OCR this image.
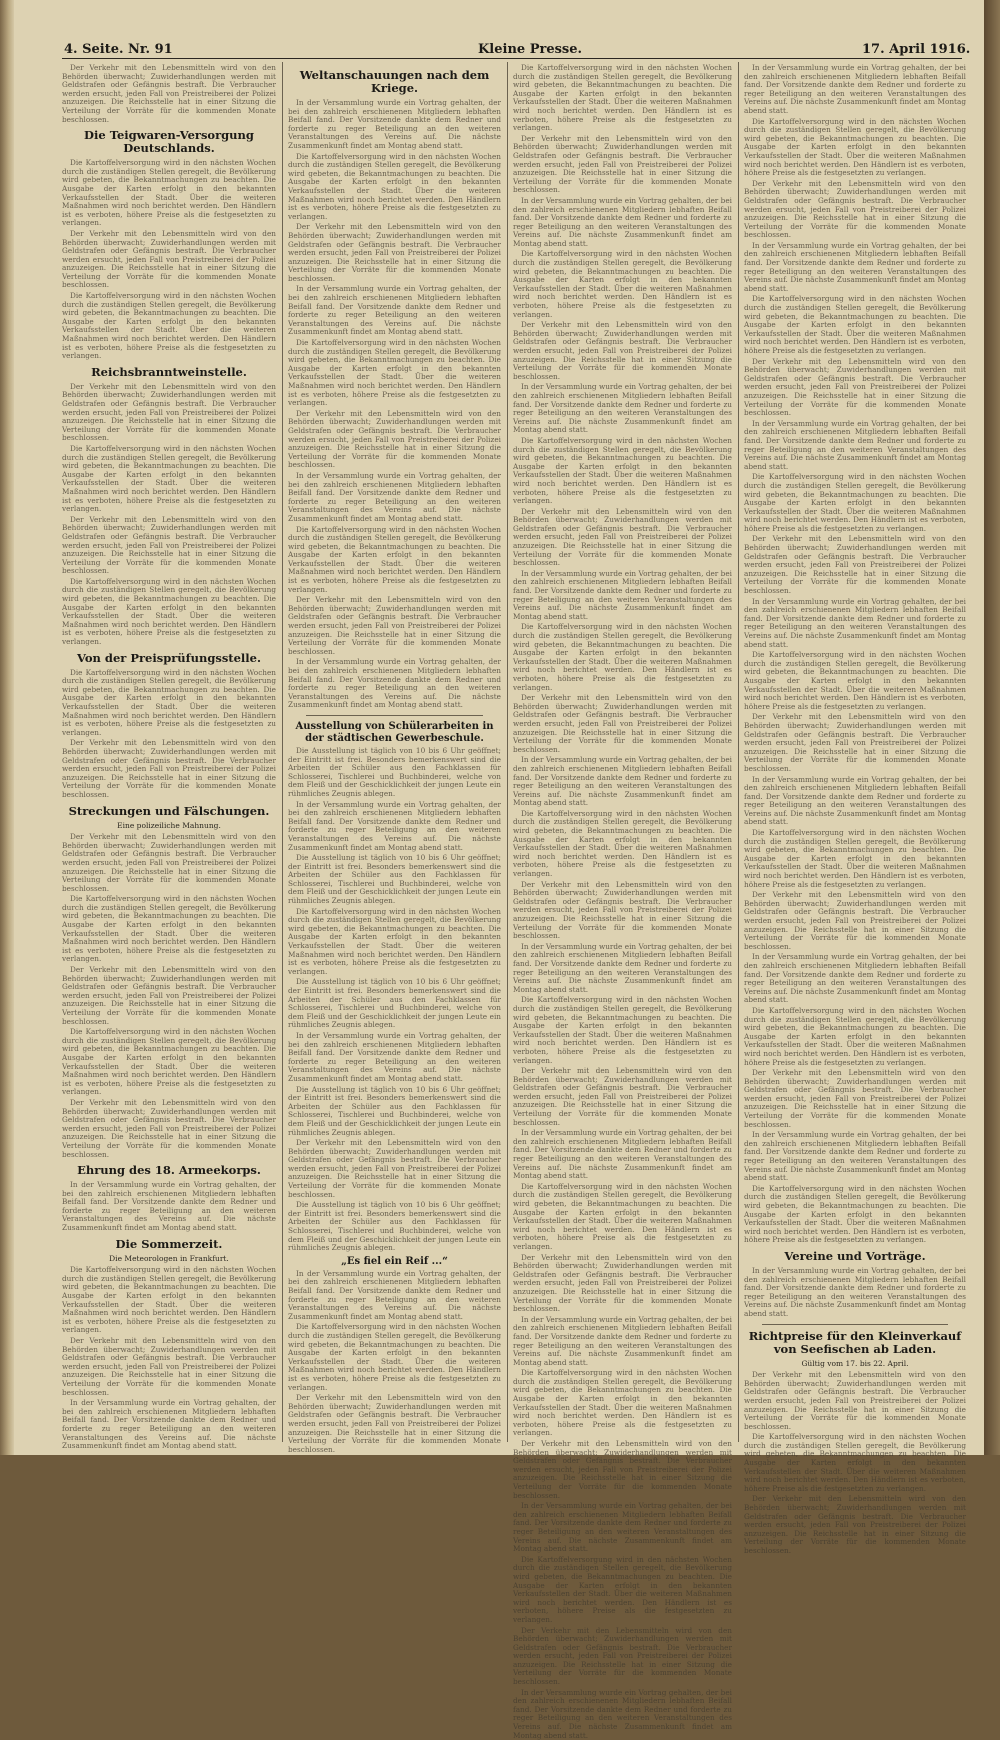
4. Seite. Nr. 91	Kleine Presse.	17. April 1916.

Der Verkehr mit den Lebensmitteln wird von den Behörden überwacht; Zuwiderhandlungen werden mit Geldstrafen oder Gefängnis bestraft. Die Verbraucher werden ersucht, jeden Fall von Preistreiberei der Polizei anzuzeigen. Die Reichsstelle hat in einer Sitzung die Verteilung der Vorräte für die kommenden Monate beschlossen.

Die Teigwaren-Versorgung Deutschlands.

Die Kartoffelversorgung wird in den nächsten Wochen durch die zuständigen Stellen geregelt, die Bevölkerung wird gebeten, die Bekanntmachungen zu beachten. Die Ausgabe der Karten erfolgt in den bekannten Verkaufsstellen der Stadt. Über die weiteren Maßnahmen wird noch berichtet werden. Den Händlern ist es verboten, höhere Preise als die festgesetzten zu verlangen.

Der Verkehr mit den Lebensmitteln wird von den Behörden überwacht; Zuwiderhandlungen werden mit Geldstrafen oder Gefängnis bestraft. Die Verbraucher werden ersucht, jeden Fall von Preistreiberei der Polizei anzuzeigen. Die Reichsstelle hat in einer Sitzung die Verteilung der Vorräte für die kommenden Monate beschlossen.

Die Kartoffelversorgung wird in den nächsten Wochen durch die zuständigen Stellen geregelt, die Bevölkerung wird gebeten, die Bekanntmachungen zu beachten. Die Ausgabe der Karten erfolgt in den bekannten Verkaufsstellen der Stadt. Über die weiteren Maßnahmen wird noch berichtet werden. Den Händlern ist es verboten, höhere Preise als die festgesetzten zu verlangen.

Reichsbranntweinstelle.

Der Verkehr mit den Lebensmitteln wird von den Behörden überwacht; Zuwiderhandlungen werden mit Geldstrafen oder Gefängnis bestraft. Die Verbraucher werden ersucht, jeden Fall von Preistreiberei der Polizei anzuzeigen. Die Reichsstelle hat in einer Sitzung die Verteilung der Vorräte für die kommenden Monate beschlossen.

Die Kartoffelversorgung wird in den nächsten Wochen durch die zuständigen Stellen geregelt, die Bevölkerung wird gebeten, die Bekanntmachungen zu beachten. Die Ausgabe der Karten erfolgt in den bekannten Verkaufsstellen der Stadt. Über die weiteren Maßnahmen wird noch berichtet werden. Den Händlern ist es verboten, höhere Preise als die festgesetzten zu verlangen.

Der Verkehr mit den Lebensmitteln wird von den Behörden überwacht; Zuwiderhandlungen werden mit Geldstrafen oder Gefängnis bestraft. Die Verbraucher werden ersucht, jeden Fall von Preistreiberei der Polizei anzuzeigen. Die Reichsstelle hat in einer Sitzung die Verteilung der Vorräte für die kommenden Monate beschlossen.

Die Kartoffelversorgung wird in den nächsten Wochen durch die zuständigen Stellen geregelt, die Bevölkerung wird gebeten, die Bekanntmachungen zu beachten. Die Ausgabe der Karten erfolgt in den bekannten Verkaufsstellen der Stadt. Über die weiteren Maßnahmen wird noch berichtet werden. Den Händlern ist es verboten, höhere Preise als die festgesetzten zu verlangen.

Von der Preisprüfungsstelle.

Die Kartoffelversorgung wird in den nächsten Wochen durch die zuständigen Stellen geregelt, die Bevölkerung wird gebeten, die Bekanntmachungen zu beachten. Die Ausgabe der Karten erfolgt in den bekannten Verkaufsstellen der Stadt. Über die weiteren Maßnahmen wird noch berichtet werden. Den Händlern ist es verboten, höhere Preise als die festgesetzten zu verlangen.

Der Verkehr mit den Lebensmitteln wird von den Behörden überwacht; Zuwiderhandlungen werden mit Geldstrafen oder Gefängnis bestraft. Die Verbraucher werden ersucht, jeden Fall von Preistreiberei der Polizei anzuzeigen. Die Reichsstelle hat in einer Sitzung die Verteilung der Vorräte für die kommenden Monate beschlossen.

Streckungen und Fälschungen.
Eine polizeiliche Mahnung.

Der Verkehr mit den Lebensmitteln wird von den Behörden überwacht; Zuwiderhandlungen werden mit Geldstrafen oder Gefängnis bestraft. Die Verbraucher werden ersucht, jeden Fall von Preistreiberei der Polizei anzuzeigen. Die Reichsstelle hat in einer Sitzung die Verteilung der Vorräte für die kommenden Monate beschlossen.

Die Kartoffelversorgung wird in den nächsten Wochen durch die zuständigen Stellen geregelt, die Bevölkerung wird gebeten, die Bekanntmachungen zu beachten. Die Ausgabe der Karten erfolgt in den bekannten Verkaufsstellen der Stadt. Über die weiteren Maßnahmen wird noch berichtet werden. Den Händlern ist es verboten, höhere Preise als die festgesetzten zu verlangen.

Der Verkehr mit den Lebensmitteln wird von den Behörden überwacht; Zuwiderhandlungen werden mit Geldstrafen oder Gefängnis bestraft. Die Verbraucher werden ersucht, jeden Fall von Preistreiberei der Polizei anzuzeigen. Die Reichsstelle hat in einer Sitzung die Verteilung der Vorräte für die kommenden Monate beschlossen.

Die Kartoffelversorgung wird in den nächsten Wochen durch die zuständigen Stellen geregelt, die Bevölkerung wird gebeten, die Bekanntmachungen zu beachten. Die Ausgabe der Karten erfolgt in den bekannten Verkaufsstellen der Stadt. Über die weiteren Maßnahmen wird noch berichtet werden. Den Händlern ist es verboten, höhere Preise als die festgesetzten zu verlangen.

Der Verkehr mit den Lebensmitteln wird von den Behörden überwacht; Zuwiderhandlungen werden mit Geldstrafen oder Gefängnis bestraft. Die Verbraucher werden ersucht, jeden Fall von Preistreiberei der Polizei anzuzeigen. Die Reichsstelle hat in einer Sitzung die Verteilung der Vorräte für die kommenden Monate beschlossen.

Ehrung des 18. Armeekorps.

In der Versammlung wurde ein Vortrag gehalten, der bei den zahlreich erschienenen Mitgliedern lebhaften Beifall fand. Der Vorsitzende dankte dem Redner und forderte zu reger Beteiligung an den weiteren Veranstaltungen des Vereins auf. Die nächste Zusammenkunft findet am Montag abend statt.

Die Sommerzeit.
Die Meteorologen in Frankfurt.

Die Kartoffelversorgung wird in den nächsten Wochen durch die zuständigen Stellen geregelt, die Bevölkerung wird gebeten, die Bekanntmachungen zu beachten. Die Ausgabe der Karten erfolgt in den bekannten Verkaufsstellen der Stadt. Über die weiteren Maßnahmen wird noch berichtet werden. Den Händlern ist es verboten, höhere Preise als die festgesetzten zu verlangen.

Der Verkehr mit den Lebensmitteln wird von den Behörden überwacht; Zuwiderhandlungen werden mit Geldstrafen oder Gefängnis bestraft. Die Verbraucher werden ersucht, jeden Fall von Preistreiberei der Polizei anzuzeigen. Die Reichsstelle hat in einer Sitzung die Verteilung der Vorräte für die kommenden Monate beschlossen.

In der Versammlung wurde ein Vortrag gehalten, der bei den zahlreich erschienenen Mitgliedern lebhaften Beifall fand. Der Vorsitzende dankte dem Redner und forderte zu reger Beteiligung an den weiteren Veranstaltungen des Vereins auf. Die nächste Zusammenkunft findet am Montag abend statt.

Weltanschauungen nach dem Kriege.

In der Versammlung wurde ein Vortrag gehalten, der bei den zahlreich erschienenen Mitgliedern lebhaften Beifall fand. Der Vorsitzende dankte dem Redner und forderte zu reger Beteiligung an den weiteren Veranstaltungen des Vereins auf. Die nächste Zusammenkunft findet am Montag abend statt.

Die Kartoffelversorgung wird in den nächsten Wochen durch die zuständigen Stellen geregelt, die Bevölkerung wird gebeten, die Bekanntmachungen zu beachten. Die Ausgabe der Karten erfolgt in den bekannten Verkaufsstellen der Stadt. Über die weiteren Maßnahmen wird noch berichtet werden. Den Händlern ist es verboten, höhere Preise als die festgesetzten zu verlangen.

Der Verkehr mit den Lebensmitteln wird von den Behörden überwacht; Zuwiderhandlungen werden mit Geldstrafen oder Gefängnis bestraft. Die Verbraucher werden ersucht, jeden Fall von Preistreiberei der Polizei anzuzeigen. Die Reichsstelle hat in einer Sitzung die Verteilung der Vorräte für die kommenden Monate beschlossen.

In der Versammlung wurde ein Vortrag gehalten, der bei den zahlreich erschienenen Mitgliedern lebhaften Beifall fand. Der Vorsitzende dankte dem Redner und forderte zu reger Beteiligung an den weiteren Veranstaltungen des Vereins auf. Die nächste Zusammenkunft findet am Montag abend statt.

Die Kartoffelversorgung wird in den nächsten Wochen durch die zuständigen Stellen geregelt, die Bevölkerung wird gebeten, die Bekanntmachungen zu beachten. Die Ausgabe der Karten erfolgt in den bekannten Verkaufsstellen der Stadt. Über die weiteren Maßnahmen wird noch berichtet werden. Den Händlern ist es verboten, höhere Preise als die festgesetzten zu verlangen.

Der Verkehr mit den Lebensmitteln wird von den Behörden überwacht; Zuwiderhandlungen werden mit Geldstrafen oder Gefängnis bestraft. Die Verbraucher werden ersucht, jeden Fall von Preistreiberei der Polizei anzuzeigen. Die Reichsstelle hat in einer Sitzung die Verteilung der Vorräte für die kommenden Monate beschlossen.

In der Versammlung wurde ein Vortrag gehalten, der bei den zahlreich erschienenen Mitgliedern lebhaften Beifall fand. Der Vorsitzende dankte dem Redner und forderte zu reger Beteiligung an den weiteren Veranstaltungen des Vereins auf. Die nächste Zusammenkunft findet am Montag abend statt.

Die Kartoffelversorgung wird in den nächsten Wochen durch die zuständigen Stellen geregelt, die Bevölkerung wird gebeten, die Bekanntmachungen zu beachten. Die Ausgabe der Karten erfolgt in den bekannten Verkaufsstellen der Stadt. Über die weiteren Maßnahmen wird noch berichtet werden. Den Händlern ist es verboten, höhere Preise als die festgesetzten zu verlangen.

Der Verkehr mit den Lebensmitteln wird von den Behörden überwacht; Zuwiderhandlungen werden mit Geldstrafen oder Gefängnis bestraft. Die Verbraucher werden ersucht, jeden Fall von Preistreiberei der Polizei anzuzeigen. Die Reichsstelle hat in einer Sitzung die Verteilung der Vorräte für die kommenden Monate beschlossen.

In der Versammlung wurde ein Vortrag gehalten, der bei den zahlreich erschienenen Mitgliedern lebhaften Beifall fand. Der Vorsitzende dankte dem Redner und forderte zu reger Beteiligung an den weiteren Veranstaltungen des Vereins auf. Die nächste Zusammenkunft findet am Montag abend statt.

Ausstellung von Schülerarbeiten in der städtischen Gewerbeschule.

Die Ausstellung ist täglich von 10 bis 6 Uhr geöffnet; der Eintritt ist frei. Besonders bemerkenswert sind die Arbeiten der Schüler aus den Fachklassen für Schlosserei, Tischlerei und Buchbinderei, welche von dem Fleiß und der Geschicklichkeit der jungen Leute ein rühmliches Zeugnis ablegen.

In der Versammlung wurde ein Vortrag gehalten, der bei den zahlreich erschienenen Mitgliedern lebhaften Beifall fand. Der Vorsitzende dankte dem Redner und forderte zu reger Beteiligung an den weiteren Veranstaltungen des Vereins auf. Die nächste Zusammenkunft findet am Montag abend statt.

Die Ausstellung ist täglich von 10 bis 6 Uhr geöffnet; der Eintritt ist frei. Besonders bemerkenswert sind die Arbeiten der Schüler aus den Fachklassen für Schlosserei, Tischlerei und Buchbinderei, welche von dem Fleiß und der Geschicklichkeit der jungen Leute ein rühmliches Zeugnis ablegen.

Die Kartoffelversorgung wird in den nächsten Wochen durch die zuständigen Stellen geregelt, die Bevölkerung wird gebeten, die Bekanntmachungen zu beachten. Die Ausgabe der Karten erfolgt in den bekannten Verkaufsstellen der Stadt. Über die weiteren Maßnahmen wird noch berichtet werden. Den Händlern ist es verboten, höhere Preise als die festgesetzten zu verlangen.

Die Ausstellung ist täglich von 10 bis 6 Uhr geöffnet; der Eintritt ist frei. Besonders bemerkenswert sind die Arbeiten der Schüler aus den Fachklassen für Schlosserei, Tischlerei und Buchbinderei, welche von dem Fleiß und der Geschicklichkeit der jungen Leute ein rühmliches Zeugnis ablegen.

In der Versammlung wurde ein Vortrag gehalten, der bei den zahlreich erschienenen Mitgliedern lebhaften Beifall fand. Der Vorsitzende dankte dem Redner und forderte zu reger Beteiligung an den weiteren Veranstaltungen des Vereins auf. Die nächste Zusammenkunft findet am Montag abend statt.

Die Ausstellung ist täglich von 10 bis 6 Uhr geöffnet; der Eintritt ist frei. Besonders bemerkenswert sind die Arbeiten der Schüler aus den Fachklassen für Schlosserei, Tischlerei und Buchbinderei, welche von dem Fleiß und der Geschicklichkeit der jungen Leute ein rühmliches Zeugnis ablegen.

Der Verkehr mit den Lebensmitteln wird von den Behörden überwacht; Zuwiderhandlungen werden mit Geldstrafen oder Gefängnis bestraft. Die Verbraucher werden ersucht, jeden Fall von Preistreiberei der Polizei anzuzeigen. Die Reichsstelle hat in einer Sitzung die Verteilung der Vorräte für die kommenden Monate beschlossen.

Die Ausstellung ist täglich von 10 bis 6 Uhr geöffnet; der Eintritt ist frei. Besonders bemerkenswert sind die Arbeiten der Schüler aus den Fachklassen für Schlosserei, Tischlerei und Buchbinderei, welche von dem Fleiß und der Geschicklichkeit der jungen Leute ein rühmliches Zeugnis ablegen.

„Es fiel ein Reif ...“

In der Versammlung wurde ein Vortrag gehalten, der bei den zahlreich erschienenen Mitgliedern lebhaften Beifall fand. Der Vorsitzende dankte dem Redner und forderte zu reger Beteiligung an den weiteren Veranstaltungen des Vereins auf. Die nächste Zusammenkunft findet am Montag abend statt.

Die Kartoffelversorgung wird in den nächsten Wochen durch die zuständigen Stellen geregelt, die Bevölkerung wird gebeten, die Bekanntmachungen zu beachten. Die Ausgabe der Karten erfolgt in den bekannten Verkaufsstellen der Stadt. Über die weiteren Maßnahmen wird noch berichtet werden. Den Händlern ist es verboten, höhere Preise als die festgesetzten zu verlangen.

Der Verkehr mit den Lebensmitteln wird von den Behörden überwacht; Zuwiderhandlungen werden mit Geldstrafen oder Gefängnis bestraft. Die Verbraucher werden ersucht, jeden Fall von Preistreiberei der Polizei anzuzeigen. Die Reichsstelle hat in einer Sitzung die Verteilung der Vorräte für die kommenden Monate beschlossen.

Die Kartoffelversorgung wird in den nächsten Wochen durch die zuständigen Stellen geregelt, die Bevölkerung wird gebeten, die Bekanntmachungen zu beachten. Die Ausgabe der Karten erfolgt in den bekannten Verkaufsstellen der Stadt. Über die weiteren Maßnahmen wird noch berichtet werden. Den Händlern ist es verboten, höhere Preise als die festgesetzten zu verlangen.

Der Verkehr mit den Lebensmitteln wird von den Behörden überwacht; Zuwiderhandlungen werden mit Geldstrafen oder Gefängnis bestraft. Die Verbraucher werden ersucht, jeden Fall von Preistreiberei der Polizei anzuzeigen. Die Reichsstelle hat in einer Sitzung die Verteilung der Vorräte für die kommenden Monate beschlossen.

In der Versammlung wurde ein Vortrag gehalten, der bei den zahlreich erschienenen Mitgliedern lebhaften Beifall fand. Der Vorsitzende dankte dem Redner und forderte zu reger Beteiligung an den weiteren Veranstaltungen des Vereins auf. Die nächste Zusammenkunft findet am Montag abend statt.

Die Kartoffelversorgung wird in den nächsten Wochen durch die zuständigen Stellen geregelt, die Bevölkerung wird gebeten, die Bekanntmachungen zu beachten. Die Ausgabe der Karten erfolgt in den bekannten Verkaufsstellen der Stadt. Über die weiteren Maßnahmen wird noch berichtet werden. Den Händlern ist es verboten, höhere Preise als die festgesetzten zu verlangen.

Der Verkehr mit den Lebensmitteln wird von den Behörden überwacht; Zuwiderhandlungen werden mit Geldstrafen oder Gefängnis bestraft. Die Verbraucher werden ersucht, jeden Fall von Preistreiberei der Polizei anzuzeigen. Die Reichsstelle hat in einer Sitzung die Verteilung der Vorräte für die kommenden Monate beschlossen.

In der Versammlung wurde ein Vortrag gehalten, der bei den zahlreich erschienenen Mitgliedern lebhaften Beifall fand. Der Vorsitzende dankte dem Redner und forderte zu reger Beteiligung an den weiteren Veranstaltungen des Vereins auf. Die nächste Zusammenkunft findet am Montag abend statt.

Die Kartoffelversorgung wird in den nächsten Wochen durch die zuständigen Stellen geregelt, die Bevölkerung wird gebeten, die Bekanntmachungen zu beachten. Die Ausgabe der Karten erfolgt in den bekannten Verkaufsstellen der Stadt. Über die weiteren Maßnahmen wird noch berichtet werden. Den Händlern ist es verboten, höhere Preise als die festgesetzten zu verlangen.

Der Verkehr mit den Lebensmitteln wird von den Behörden überwacht; Zuwiderhandlungen werden mit Geldstrafen oder Gefängnis bestraft. Die Verbraucher werden ersucht, jeden Fall von Preistreiberei der Polizei anzuzeigen. Die Reichsstelle hat in einer Sitzung die Verteilung der Vorräte für die kommenden Monate beschlossen.

In der Versammlung wurde ein Vortrag gehalten, der bei den zahlreich erschienenen Mitgliedern lebhaften Beifall fand. Der Vorsitzende dankte dem Redner und forderte zu reger Beteiligung an den weiteren Veranstaltungen des Vereins auf. Die nächste Zusammenkunft findet am Montag abend statt.

Die Kartoffelversorgung wird in den nächsten Wochen durch die zuständigen Stellen geregelt, die Bevölkerung wird gebeten, die Bekanntmachungen zu beachten. Die Ausgabe der Karten erfolgt in den bekannten Verkaufsstellen der Stadt. Über die weiteren Maßnahmen wird noch berichtet werden. Den Händlern ist es verboten, höhere Preise als die festgesetzten zu verlangen.

Der Verkehr mit den Lebensmitteln wird von den Behörden überwacht; Zuwiderhandlungen werden mit Geldstrafen oder Gefängnis bestraft. Die Verbraucher werden ersucht, jeden Fall von Preistreiberei der Polizei anzuzeigen. Die Reichsstelle hat in einer Sitzung die Verteilung der Vorräte für die kommenden Monate beschlossen.

In der Versammlung wurde ein Vortrag gehalten, der bei den zahlreich erschienenen Mitgliedern lebhaften Beifall fand. Der Vorsitzende dankte dem Redner und forderte zu reger Beteiligung an den weiteren Veranstaltungen des Vereins auf. Die nächste Zusammenkunft findet am Montag abend statt.

Die Kartoffelversorgung wird in den nächsten Wochen durch die zuständigen Stellen geregelt, die Bevölkerung wird gebeten, die Bekanntmachungen zu beachten. Die Ausgabe der Karten erfolgt in den bekannten Verkaufsstellen der Stadt. Über die weiteren Maßnahmen wird noch berichtet werden. Den Händlern ist es verboten, höhere Preise als die festgesetzten zu verlangen.

Der Verkehr mit den Lebensmitteln wird von den Behörden überwacht; Zuwiderhandlungen werden mit Geldstrafen oder Gefängnis bestraft. Die Verbraucher werden ersucht, jeden Fall von Preistreiberei der Polizei anzuzeigen. Die Reichsstelle hat in einer Sitzung die Verteilung der Vorräte für die kommenden Monate beschlossen.

In der Versammlung wurde ein Vortrag gehalten, der bei den zahlreich erschienenen Mitgliedern lebhaften Beifall fand. Der Vorsitzende dankte dem Redner und forderte zu reger Beteiligung an den weiteren Veranstaltungen des Vereins auf. Die nächste Zusammenkunft findet am Montag abend statt.

Die Kartoffelversorgung wird in den nächsten Wochen durch die zuständigen Stellen geregelt, die Bevölkerung wird gebeten, die Bekanntmachungen zu beachten. Die Ausgabe der Karten erfolgt in den bekannten Verkaufsstellen der Stadt. Über die weiteren Maßnahmen wird noch berichtet werden. Den Händlern ist es verboten, höhere Preise als die festgesetzten zu verlangen.

Der Verkehr mit den Lebensmitteln wird von den Behörden überwacht; Zuwiderhandlungen werden mit Geldstrafen oder Gefängnis bestraft. Die Verbraucher werden ersucht, jeden Fall von Preistreiberei der Polizei anzuzeigen. Die Reichsstelle hat in einer Sitzung die Verteilung der Vorräte für die kommenden Monate beschlossen.

In der Versammlung wurde ein Vortrag gehalten, der bei den zahlreich erschienenen Mitgliedern lebhaften Beifall fand. Der Vorsitzende dankte dem Redner und forderte zu reger Beteiligung an den weiteren Veranstaltungen des Vereins auf. Die nächste Zusammenkunft findet am Montag abend statt.

Die Kartoffelversorgung wird in den nächsten Wochen durch die zuständigen Stellen geregelt, die Bevölkerung wird gebeten, die Bekanntmachungen zu beachten. Die Ausgabe der Karten erfolgt in den bekannten Verkaufsstellen der Stadt. Über die weiteren Maßnahmen wird noch berichtet werden. Den Händlern ist es verboten, höhere Preise als die festgesetzten zu verlangen.

Der Verkehr mit den Lebensmitteln wird von den Behörden überwacht; Zuwiderhandlungen werden mit Geldstrafen oder Gefängnis bestraft. Die Verbraucher werden ersucht, jeden Fall von Preistreiberei der Polizei anzuzeigen. Die Reichsstelle hat in einer Sitzung die Verteilung der Vorräte für die kommenden Monate beschlossen.

In der Versammlung wurde ein Vortrag gehalten, der bei den zahlreich erschienenen Mitgliedern lebhaften Beifall fand. Der Vorsitzende dankte dem Redner und forderte zu reger Beteiligung an den weiteren Veranstaltungen des Vereins auf. Die nächste Zusammenkunft findet am Montag abend statt.

Die Kartoffelversorgung wird in den nächsten Wochen durch die zuständigen Stellen geregelt, die Bevölkerung wird gebeten, die Bekanntmachungen zu beachten. Die Ausgabe der Karten erfolgt in den bekannten Verkaufsstellen der Stadt. Über die weiteren Maßnahmen wird noch berichtet werden. Den Händlern ist es verboten, höhere Preise als die festgesetzten zu verlangen.

Der Verkehr mit den Lebensmitteln wird von den Behörden überwacht; Zuwiderhandlungen werden mit Geldstrafen oder Gefängnis bestraft. Die Verbraucher werden ersucht, jeden Fall von Preistreiberei der Polizei anzuzeigen. Die Reichsstelle hat in einer Sitzung die Verteilung der Vorräte für die kommenden Monate beschlossen.

In der Versammlung wurde ein Vortrag gehalten, der bei den zahlreich erschienenen Mitgliedern lebhaften Beifall fand. Der Vorsitzende dankte dem Redner und forderte zu reger Beteiligung an den weiteren Veranstaltungen des Vereins auf. Die nächste Zusammenkunft findet am Montag abend statt.

Die Kartoffelversorgung wird in den nächsten Wochen durch die zuständigen Stellen geregelt, die Bevölkerung wird gebeten, die Bekanntmachungen zu beachten. Die Ausgabe der Karten erfolgt in den bekannten Verkaufsstellen der Stadt. Über die weiteren Maßnahmen wird noch berichtet werden. Den Händlern ist es verboten, höhere Preise als die festgesetzten zu verlangen.

Der Verkehr mit den Lebensmitteln wird von den Behörden überwacht; Zuwiderhandlungen werden mit Geldstrafen oder Gefängnis bestraft. Die Verbraucher werden ersucht, jeden Fall von Preistreiberei der Polizei anzuzeigen. Die Reichsstelle hat in einer Sitzung die Verteilung der Vorräte für die kommenden Monate beschlossen.

In der Versammlung wurde ein Vortrag gehalten, der bei den zahlreich erschienenen Mitgliedern lebhaften Beifall fand. Der Vorsitzende dankte dem Redner und forderte zu reger Beteiligung an den weiteren Veranstaltungen des Vereins auf. Die nächste Zusammenkunft findet am Montag abend statt.

In der Versammlung wurde ein Vortrag gehalten, der bei den zahlreich erschienenen Mitgliedern lebhaften Beifall fand. Der Vorsitzende dankte dem Redner und forderte zu reger Beteiligung an den weiteren Veranstaltungen des Vereins auf. Die nächste Zusammenkunft findet am Montag abend statt.

Die Kartoffelversorgung wird in den nächsten Wochen durch die zuständigen Stellen geregelt, die Bevölkerung wird gebeten, die Bekanntmachungen zu beachten. Die Ausgabe der Karten erfolgt in den bekannten Verkaufsstellen der Stadt. Über die weiteren Maßnahmen wird noch berichtet werden. Den Händlern ist es verboten, höhere Preise als die festgesetzten zu verlangen.

Der Verkehr mit den Lebensmitteln wird von den Behörden überwacht; Zuwiderhandlungen werden mit Geldstrafen oder Gefängnis bestraft. Die Verbraucher werden ersucht, jeden Fall von Preistreiberei der Polizei anzuzeigen. Die Reichsstelle hat in einer Sitzung die Verteilung der Vorräte für die kommenden Monate beschlossen.

In der Versammlung wurde ein Vortrag gehalten, der bei den zahlreich erschienenen Mitgliedern lebhaften Beifall fand. Der Vorsitzende dankte dem Redner und forderte zu reger Beteiligung an den weiteren Veranstaltungen des Vereins auf. Die nächste Zusammenkunft findet am Montag abend statt.

Die Kartoffelversorgung wird in den nächsten Wochen durch die zuständigen Stellen geregelt, die Bevölkerung wird gebeten, die Bekanntmachungen zu beachten. Die Ausgabe der Karten erfolgt in den bekannten Verkaufsstellen der Stadt. Über die weiteren Maßnahmen wird noch berichtet werden. Den Händlern ist es verboten, höhere Preise als die festgesetzten zu verlangen.

Der Verkehr mit den Lebensmitteln wird von den Behörden überwacht; Zuwiderhandlungen werden mit Geldstrafen oder Gefängnis bestraft. Die Verbraucher werden ersucht, jeden Fall von Preistreiberei der Polizei anzuzeigen. Die Reichsstelle hat in einer Sitzung die Verteilung der Vorräte für die kommenden Monate beschlossen.

In der Versammlung wurde ein Vortrag gehalten, der bei den zahlreich erschienenen Mitgliedern lebhaften Beifall fand. Der Vorsitzende dankte dem Redner und forderte zu reger Beteiligung an den weiteren Veranstaltungen des Vereins auf. Die nächste Zusammenkunft findet am Montag abend statt.

Die Kartoffelversorgung wird in den nächsten Wochen durch die zuständigen Stellen geregelt, die Bevölkerung wird gebeten, die Bekanntmachungen zu beachten. Die Ausgabe der Karten erfolgt in den bekannten Verkaufsstellen der Stadt. Über die weiteren Maßnahmen wird noch berichtet werden. Den Händlern ist es verboten, höhere Preise als die festgesetzten zu verlangen.

Der Verkehr mit den Lebensmitteln wird von den Behörden überwacht; Zuwiderhandlungen werden mit Geldstrafen oder Gefängnis bestraft. Die Verbraucher werden ersucht, jeden Fall von Preistreiberei der Polizei anzuzeigen. Die Reichsstelle hat in einer Sitzung die Verteilung der Vorräte für die kommenden Monate beschlossen.

In der Versammlung wurde ein Vortrag gehalten, der bei den zahlreich erschienenen Mitgliedern lebhaften Beifall fand. Der Vorsitzende dankte dem Redner und forderte zu reger Beteiligung an den weiteren Veranstaltungen des Vereins auf. Die nächste Zusammenkunft findet am Montag abend statt.

Die Kartoffelversorgung wird in den nächsten Wochen durch die zuständigen Stellen geregelt, die Bevölkerung wird gebeten, die Bekanntmachungen zu beachten. Die Ausgabe der Karten erfolgt in den bekannten Verkaufsstellen der Stadt. Über die weiteren Maßnahmen wird noch berichtet werden. Den Händlern ist es verboten, höhere Preise als die festgesetzten zu verlangen.

Der Verkehr mit den Lebensmitteln wird von den Behörden überwacht; Zuwiderhandlungen werden mit Geldstrafen oder Gefängnis bestraft. Die Verbraucher werden ersucht, jeden Fall von Preistreiberei der Polizei anzuzeigen. Die Reichsstelle hat in einer Sitzung die Verteilung der Vorräte für die kommenden Monate beschlossen.

In der Versammlung wurde ein Vortrag gehalten, der bei den zahlreich erschienenen Mitgliedern lebhaften Beifall fand. Der Vorsitzende dankte dem Redner und forderte zu reger Beteiligung an den weiteren Veranstaltungen des Vereins auf. Die nächste Zusammenkunft findet am Montag abend statt.

Die Kartoffelversorgung wird in den nächsten Wochen durch die zuständigen Stellen geregelt, die Bevölkerung wird gebeten, die Bekanntmachungen zu beachten. Die Ausgabe der Karten erfolgt in den bekannten Verkaufsstellen der Stadt. Über die weiteren Maßnahmen wird noch berichtet werden. Den Händlern ist es verboten, höhere Preise als die festgesetzten zu verlangen.

Der Verkehr mit den Lebensmitteln wird von den Behörden überwacht; Zuwiderhandlungen werden mit Geldstrafen oder Gefängnis bestraft. Die Verbraucher werden ersucht, jeden Fall von Preistreiberei der Polizei anzuzeigen. Die Reichsstelle hat in einer Sitzung die Verteilung der Vorräte für die kommenden Monate beschlossen.

In der Versammlung wurde ein Vortrag gehalten, der bei den zahlreich erschienenen Mitgliedern lebhaften Beifall fand. Der Vorsitzende dankte dem Redner und forderte zu reger Beteiligung an den weiteren Veranstaltungen des Vereins auf. Die nächste Zusammenkunft findet am Montag abend statt.

Die Kartoffelversorgung wird in den nächsten Wochen durch die zuständigen Stellen geregelt, die Bevölkerung wird gebeten, die Bekanntmachungen zu beachten. Die Ausgabe der Karten erfolgt in den bekannten Verkaufsstellen der Stadt. Über die weiteren Maßnahmen wird noch berichtet werden. Den Händlern ist es verboten, höhere Preise als die festgesetzten zu verlangen.

Der Verkehr mit den Lebensmitteln wird von den Behörden überwacht; Zuwiderhandlungen werden mit Geldstrafen oder Gefängnis bestraft. Die Verbraucher werden ersucht, jeden Fall von Preistreiberei der Polizei anzuzeigen. Die Reichsstelle hat in einer Sitzung die Verteilung der Vorräte für die kommenden Monate beschlossen.

In der Versammlung wurde ein Vortrag gehalten, der bei den zahlreich erschienenen Mitgliedern lebhaften Beifall fand. Der Vorsitzende dankte dem Redner und forderte zu reger Beteiligung an den weiteren Veranstaltungen des Vereins auf. Die nächste Zusammenkunft findet am Montag abend statt.

Die Kartoffelversorgung wird in den nächsten Wochen durch die zuständigen Stellen geregelt, die Bevölkerung wird gebeten, die Bekanntmachungen zu beachten. Die Ausgabe der Karten erfolgt in den bekannten Verkaufsstellen der Stadt. Über die weiteren Maßnahmen wird noch berichtet werden. Den Händlern ist es verboten, höhere Preise als die festgesetzten zu verlangen.

Vereine und Vorträge.

In der Versammlung wurde ein Vortrag gehalten, der bei den zahlreich erschienenen Mitgliedern lebhaften Beifall fand. Der Vorsitzende dankte dem Redner und forderte zu reger Beteiligung an den weiteren Veranstaltungen des Vereins auf. Die nächste Zusammenkunft findet am Montag abend statt.

Richtpreise für den Kleinverkauf von Seefischen ab Laden.
Gültig vom 17. bis 22. April.

Der Verkehr mit den Lebensmitteln wird von den Behörden überwacht; Zuwiderhandlungen werden mit Geldstrafen oder Gefängnis bestraft. Die Verbraucher werden ersucht, jeden Fall von Preistreiberei der Polizei anzuzeigen. Die Reichsstelle hat in einer Sitzung die Verteilung der Vorräte für die kommenden Monate beschlossen.

Die Kartoffelversorgung wird in den nächsten Wochen durch die zuständigen Stellen geregelt, die Bevölkerung wird gebeten, die Bekanntmachungen zu beachten. Die Ausgabe der Karten erfolgt in den bekannten Verkaufsstellen der Stadt. Über die weiteren Maßnahmen wird noch berichtet werden. Den Händlern ist es verboten, höhere Preise als die festgesetzten zu verlangen.

Der Verkehr mit den Lebensmitteln wird von den Behörden überwacht; Zuwiderhandlungen werden mit Geldstrafen oder Gefängnis bestraft. Die Verbraucher werden ersucht, jeden Fall von Preistreiberei der Polizei anzuzeigen. Die Reichsstelle hat in einer Sitzung die Verteilung der Vorräte für die kommenden Monate beschlossen.
